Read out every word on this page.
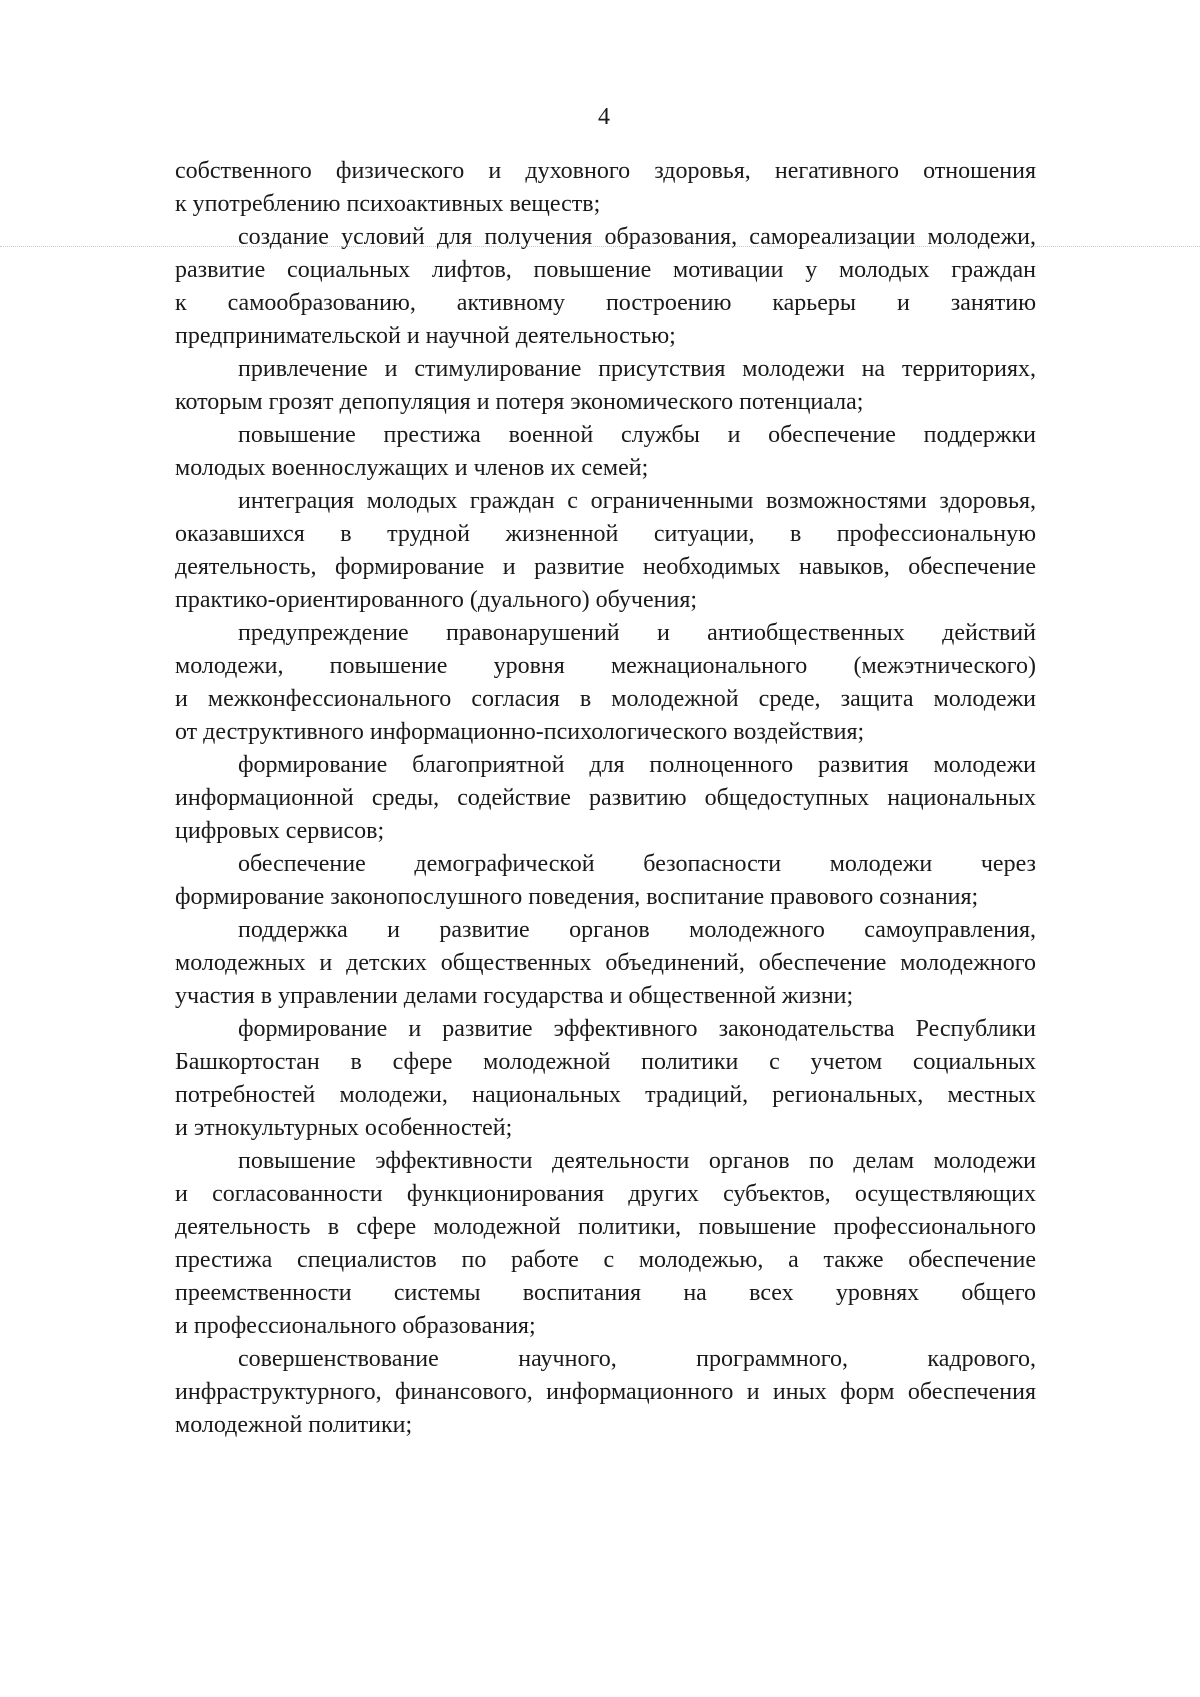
4
собственного физического и духовного здоровья, негативного отношения
к употреблению психоактивных веществ;
создание условий для получения образования, самореализации молодежи,
развитие социальных лифтов, повышение мотивации у молодых граждан
к самообразованию, активному построению карьеры и занятию
предпринимательской и научной деятельностью;
привлечение и стимулирование присутствия молодежи на территориях,
которым грозят депопуляция и потеря экономического потенциала;
повышение престижа военной службы и обеспечение поддержки
молодых военнослужащих и членов их семей;
интеграция молодых граждан с ограниченными возможностями здоровья,
оказавшихся в трудной жизненной ситуации, в профессиональную
деятельность, формирование и развитие необходимых навыков, обеспечение
практико-ориентированного (дуального) обучения;
предупреждение правонарушений и антиобщественных действий
молодежи, повышение уровня межнационального (межэтнического)
и межконфессионального согласия в молодежной среде, защита молодежи
от деструктивного информационно-психологического воздействия;
формирование благоприятной для полноценного развития молодежи
информационной среды, содействие развитию общедоступных национальных
цифровых сервисов;
обеспечение демографической безопасности молодежи через
формирование законопослушного поведения, воспитание правового сознания;
поддержка и развитие органов молодежного самоуправления,
молодежных и детских общественных объединений, обеспечение молодежного
участия в управлении делами государства и общественной жизни;
формирование и развитие эффективного законодательства Республики
Башкортостан в сфере молодежной политики с учетом социальных
потребностей молодежи, национальных традиций, региональных, местных
и этнокультурных особенностей;
повышение эффективности деятельности органов по делам молодежи
и согласованности функционирования других субъектов, осуществляющих
деятельность в сфере молодежной политики, повышение профессионального
престижа специалистов по работе с молодежью, а также обеспечение
преемственности системы воспитания на всех уровнях общего
и профессионального образования;
совершенствование научного, программного, кадрового,
инфраструктурного, финансового, информационного и иных форм обеспечения
молодежной политики;
